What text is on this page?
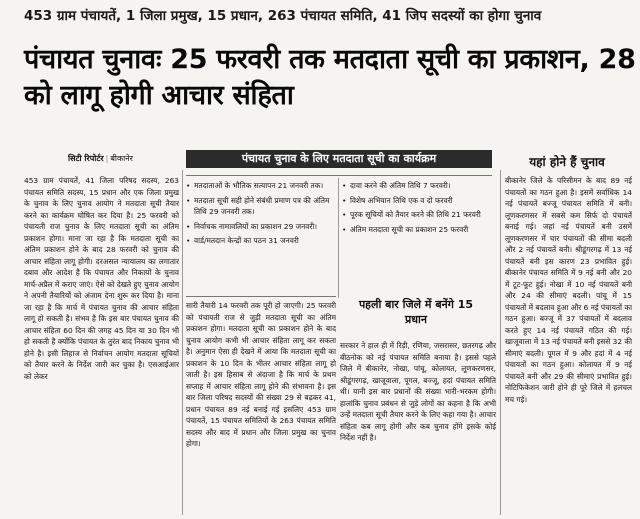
453 ग्राम पंचायतें, 1 जिला प्रमुख, 15 प्रधान, 263 पंचायत समिति, 41 जिप सदस्यों का होगा चुनाव
पंचायत चुनावः 25 फरवरी तक मतदाता सूची का प्रकाशन, 28 को लागू होगी आचार संहिता
सिटी रिपोर्टर | बीकानेर	पंचायत चुनाव के लिए मतदाता सूची का कार्यक्रम	यहां होने हैं चुनाव

453 ग्राम पंचायतें, 41 जिला परिषद सदस्य, 263 पंचायत समिति सदस्य, 15 प्रधान और एक जिला प्रमुख के चुनाव के लिए चुनाव आयोग ने मतदाता सूची तैयार करने का कार्यक्रम घोषित कर दिया है। 25 फरवरी को पंचायती राज चुनाव के लिए मतदाता सूची का अंतिम प्रकाशन होगा। माना जा रहा है कि मतदाता सूची का अंतिम प्रकाशन होने के बाद 28 फरवरी को चुनाव की आचार संहिता लागू होगी। दरअसल न्यायालय का लगातार दबाव और आदेश है कि पंचायत और निकायों के चुनाव मार्च-अप्रैल में कराए जाएं। ऐसे को देखते हुए चुनाव आयोग ने अपनी तैयारियों को अंजाम देना शुरू कर दिया है। माना जा रहा है कि मार्च में पंचायत चुनाव की आचार संहिता लागू हो सकती है। संभव है कि इस बार पंचायत चुनाव की आचार संहिता 60 दिन की जगह 45 दिन या 30 दिन भी हो सकती है क्योंकि पंचायत के तुरंत बाद निकाय चुनाव भी होने है। इसी लिहाज से निर्वाचन आयोग मतदाता सूचियों को तैयार करने के निर्देश जारी कर चुका है। एसआईआर को लेकर

• मतदाताओं के भौतिक सत्यापन 21 जनवरी तक।
• मतदाता सूची सही होने संबंधी प्रमाण पत्र की अंतिम तिथि 29 जनवरी तक।
• निर्वाचक नामावलियों का प्रकाशन 29 जनवरी।
• वार्ड/मतदान केन्द्रों का पठन 31 जनवरी
• दावा करने की अंतिम तिथि 7 फरवरी।
• विशेष अभियान तिथि एक व दो फरवरी
• पूरक सूचियों को तैयार करने की तिथि 21 फरवरी
• अंतिम मतदाता सूची का प्रकाशन 25 फरवरी
पहली बार जिले में बनेंगे 15 प्रधान

सारी तैयारी 14 फरवरी तक पूरी हो जाएगी। 25 फरवरी को पंचायती राज से जुड़ी मतदाता सूची का अंतिम प्रकाशन होगा। मतदाता सूची का प्रकाशन होने के बाद चुनाव आयोग कभी भी आचार संहिता लागू कर सकता है। अनुमान ऐसा ही देखने में आया कि मतदाता सूची का प्रकाशन के 10 दिन के भीतर आचार संहिता लागू हो जाती है। इस हिसाब से अंदाजा है कि मार्च के प्रथम सप्ताह में आचार संहिता लागू होने की संभावना है। इस बार जिला परिषद सदस्यों की संख्या 29 से बढ़कर 41, प्रधान पंचायत 89 नई बनाई गई इसलिए 453 ग्राम पंचायतें, 15 पंचायत समितियों के 263 पंचायत समिति सदस्य और बाद में प्रधान और जिला प्रमुख का चुनाव होगा।

सरकार ने हाल ही में रिड़ी, रणिया, जसरासर, छतरगढ़ और बीठनोक को नई पंचायत समिति बनाया है। इससे पहले जिले में बीकानेर, नोखा, पांचू, कोलायत, लूणकरणसर, श्रीडूंगरगढ़, खाजूवाला, पूगल, बज्जू, हदां पंचायत समिति थी। यानी इस बार प्रधानों की संख्या भारी-भरकम होगी। हालांकि चुनाव प्रबंधन से जुड़े लोगों का कहना है कि अभी उन्हें मतदाता सूची तैयार करने के लिए कहा गया है। आचार संहिता कब लागू होगी और कब चुनाव होंगे इसके कोई निर्देश नहीं है।

बीकानेर जिले के परिसीमन के बाद 89 नई पंचायतों का गठन हुआ है। इसमें सर्वाधिक 14 नई पंचायतें बज्जू पंचायत समिति में बनी। लूणकरणसर में सबसे कम सिर्फ दो पंचायतें बनाई गई। जहां नई पंचायतें बनी उसमें लूणकरणसर में चार पंचायतों की सीमा बदली और 2 नई पंचायतें बनी। श्रीडूंगरगढ़ में 13 नई पंचायतें बनी इस कारण 23 प्रभावित हुई। बीकानेर पंचायत समिति में 9 नई बनी और 20 में टूट-फूट हुई। नोखा में 10 नई पंचायतें बनी और 24 की सीमाएं बदली। पांचू में 15 पंचायतों में बदलाव हुआ और 6 नई पंचायतों का गठन हुआ। बज्जू में 37 पंचायतों में बदलाव करते हुए 14 नई पंचायतें गठित की गई। खाजूवाला में 13 नई पंचायतें बनी इससे 32 की सीमाएं बदली। पूगल में 9 और हदां में 4 नई पंचायतों का गठन हुआ। कोलायत में 9 नई पंचायतें बनी और 29 की सीमाएं प्रभावित हुई। नोटिफिकेशन जारी होने ही पूरे जिले में हलचल मच गई।
